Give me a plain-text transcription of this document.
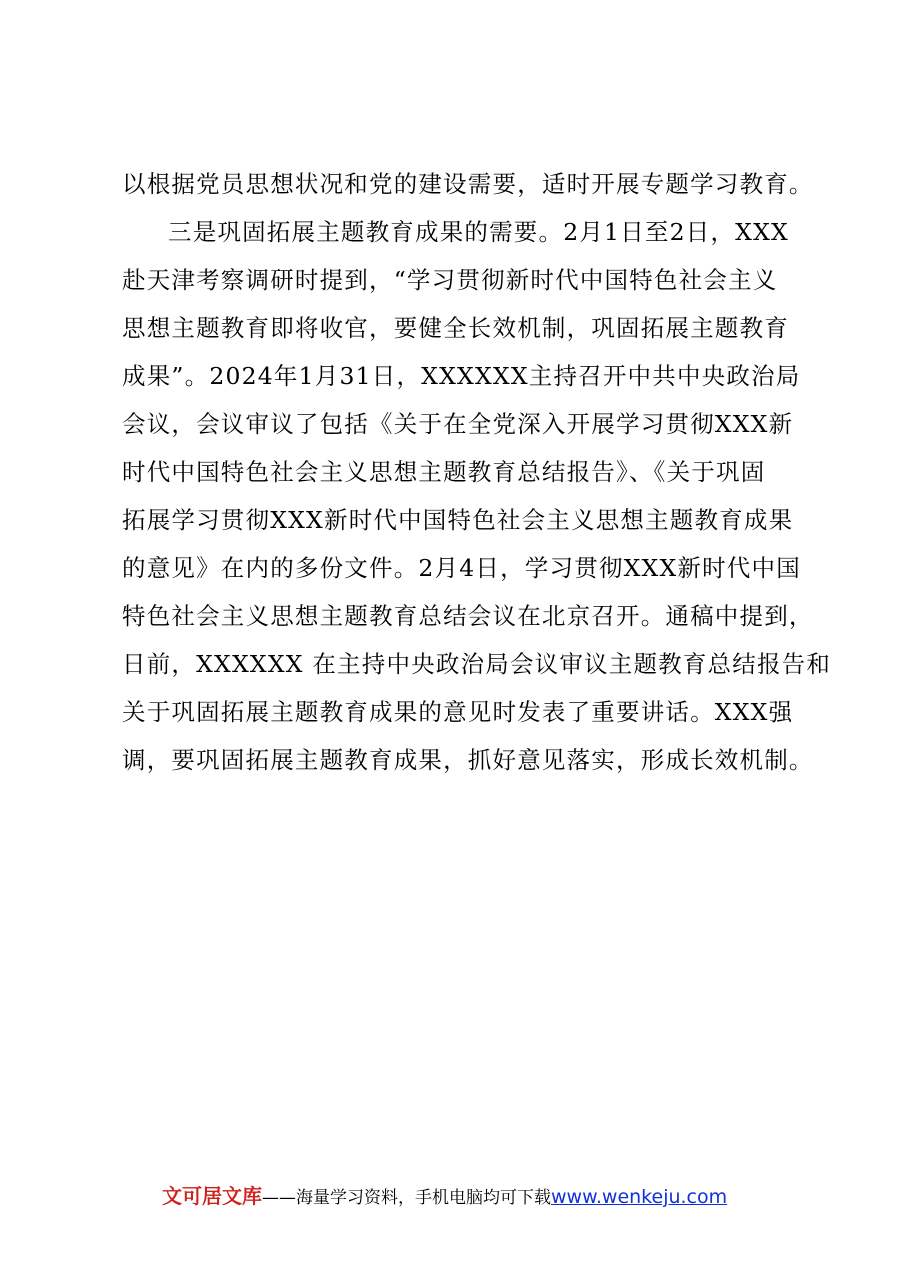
以根据党员思想状况和党的建设需要，适时开展专题学习教育。
三是巩固拓展主题教育成果的需要。2月1日至2日，XXX
赴天津考察调研时提到，“学习贯彻新时代中国特色社会主义
思想主题教育即将收官，要健全长效机制，巩固拓展主题教育
成果”。2024年1月31日，XXXXXX主持召开中共中央政治局
会议，会议审议了包括《关于在全党深入开展学习贯彻XXX新
时代中国特色社会主义思想主题教育总结报告》、《关于巩固
拓展学习贯彻XXX新时代中国特色社会主义思想主题教育成果
的意见》在内的多份文件。2月4日，学习贯彻XXX新时代中国
特色社会主义思想主题教育总结会议在北京召开。通稿中提到，
日前，XXXXXX 在主持中央政治局会议审议主题教育总结报告和
关于巩固拓展主题教育成果的意见时发表了重要讲话。XXX强
调，要巩固拓展主题教育成果，抓好意见落实，形成长效机制。
文可居文库——海量学习资料，手机电脑均可下载www.wenkeju.com
